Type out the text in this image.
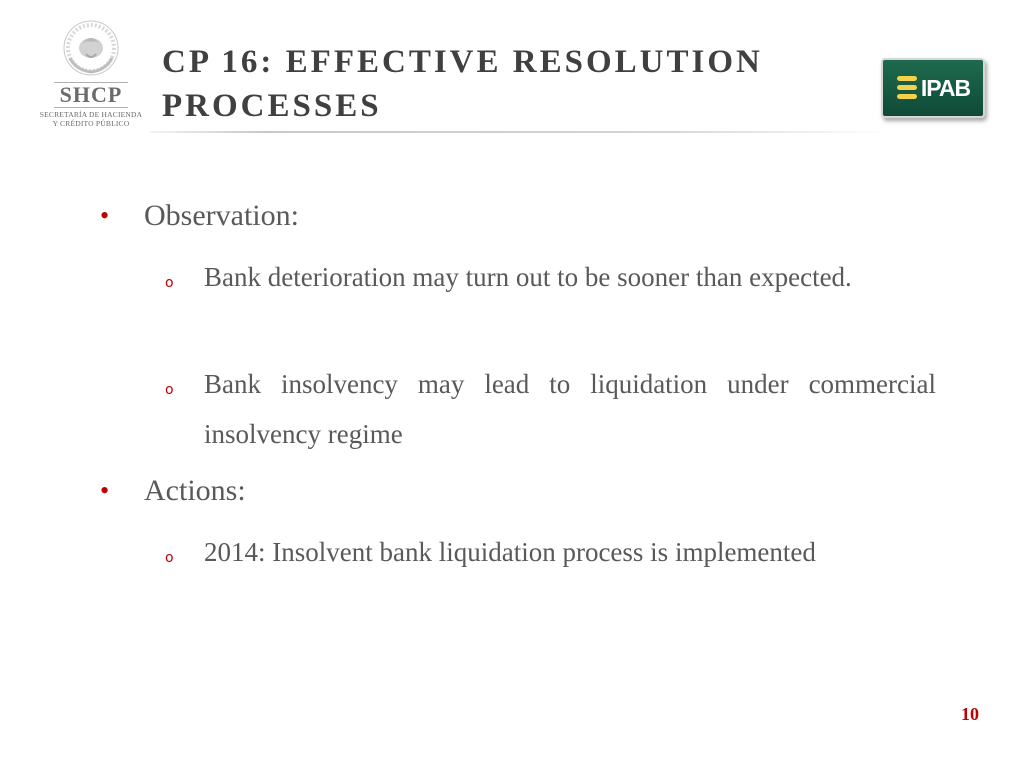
SHCP
SECRETARÍA DE HACIENDA
Y CRÉDITO PÚBLICO
CP 16: EFFECTIVE RESOLUTION PROCESSES
IPAB
• Observation:
o Bank deterioration may turn out to be sooner than expected.
o Bank insolvency may lead to liquidation under commercial insolvency regime
• Actions:
o 2014: Insolvent bank liquidation process is implemented
10
